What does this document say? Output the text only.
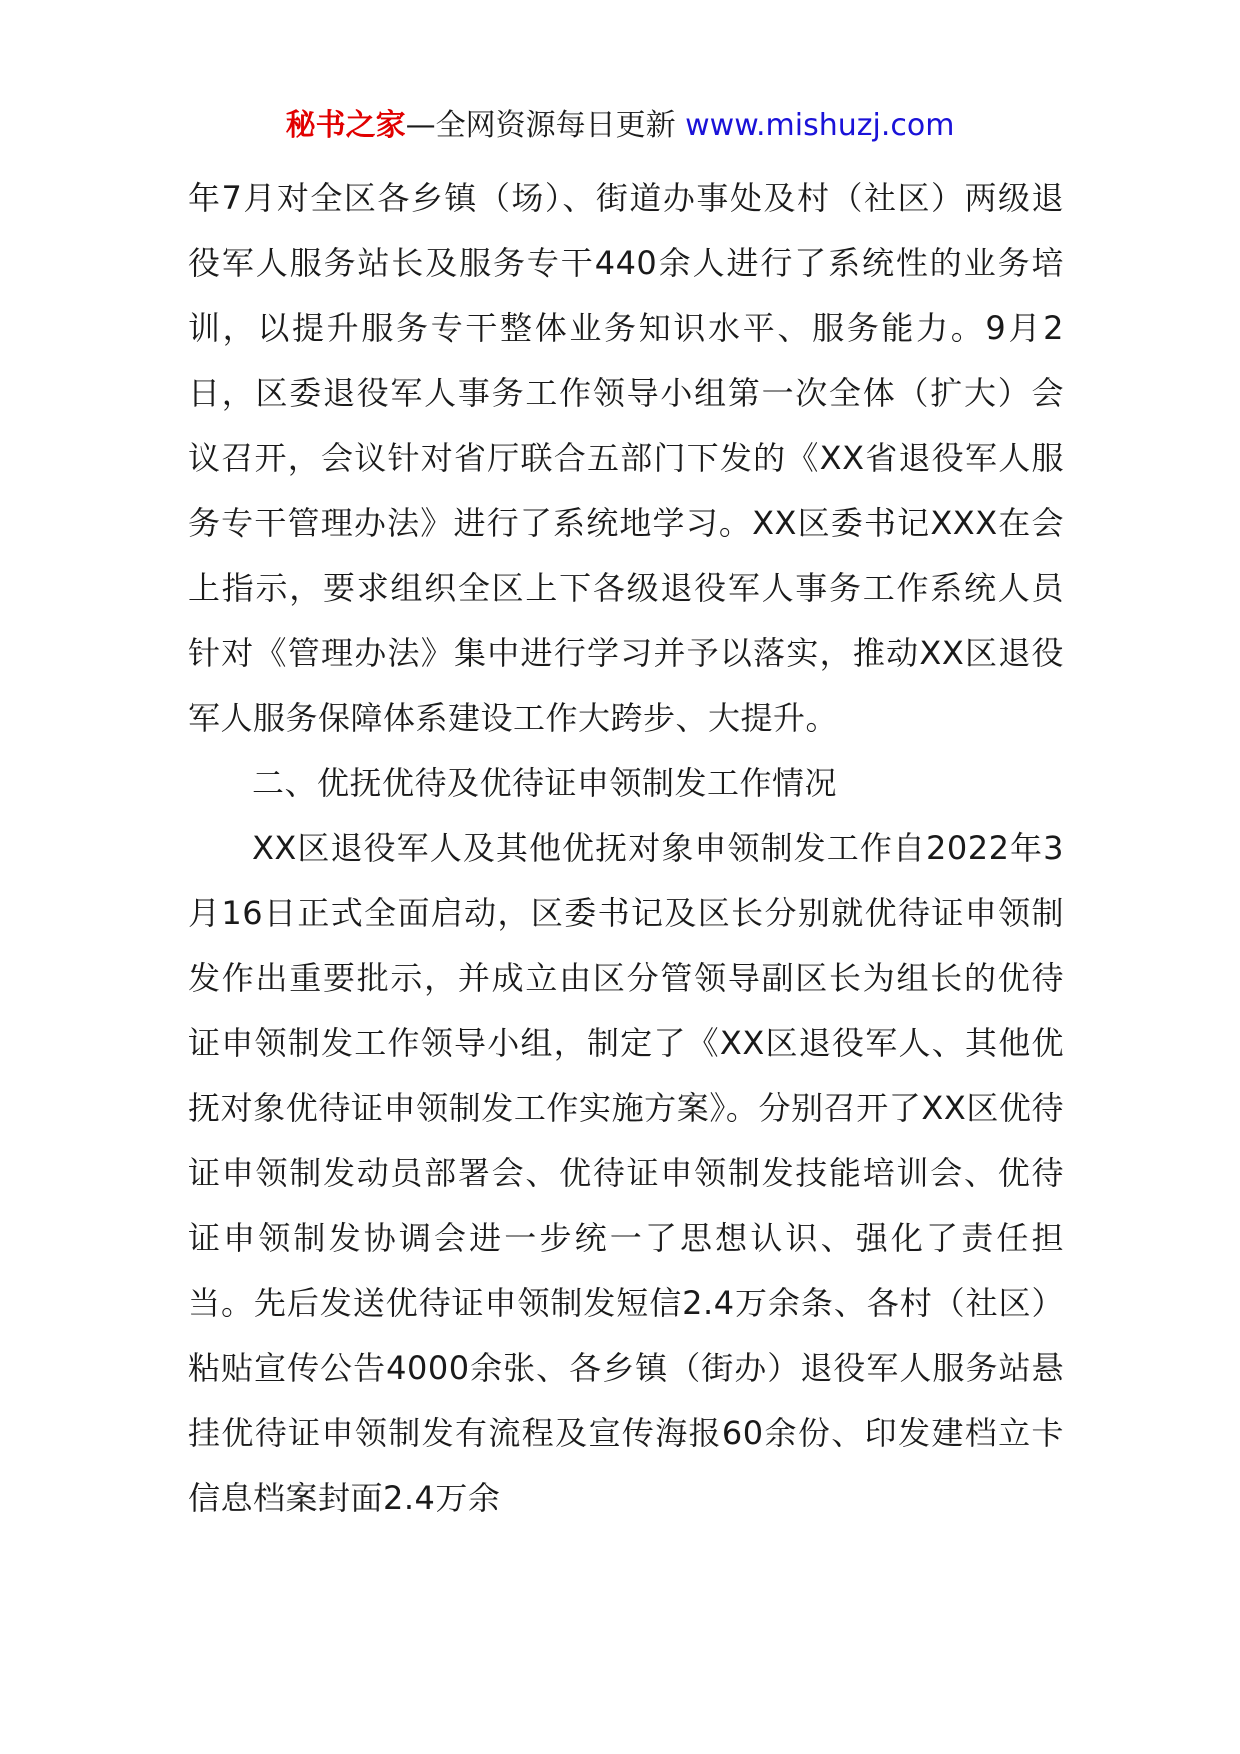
秘书之家—全网资源每日更新 www.mishuzj.com

年7月对全区各乡镇（场）、街道办事处及村（社区）两级退役军人服务站长及服务专干440余人进行了系统性的业务培训，以提升服务专干整体业务知识水平、服务能力。9月2日，区委退役军人事务工作领导小组第一次全体（扩大）会议召开，会议针对省厅联合五部门下发的《XX省退役军人服务专干管理办法》进行了系统地学习。XX区委书记XXX在会上指示，要求组织全区上下各级退役军人事务工作系统人员针对《管理办法》集中进行学习并予以落实，推动XX区退役军人服务保障体系建设工作大跨步、大提升。

二、优抚优待及优待证申领制发工作情况

XX区退役军人及其他优抚对象申领制发工作自2022年3月16日正式全面启动，区委书记及区长分别就优待证申领制发作出重要批示，并成立由区分管领导副区长为组长的优待证申领制发工作领导小组，制定了《XX区退役军人、其他优抚对象优待证申领制发工作实施方案》。分别召开了XX区优待证申领制发动员部署会、优待证申领制发技能培训会、优待证申领制发协调会进一步统一了思想认识、强化了责任担当。先后发送优待证申领制发短信2.4万余条、各村（社区）粘贴宣传公告4000余张、各乡镇（街办）退役军人服务站悬挂优待证申领制发有流程及宣传海报60余份、印发建档立卡信息档案封面2.4万余
